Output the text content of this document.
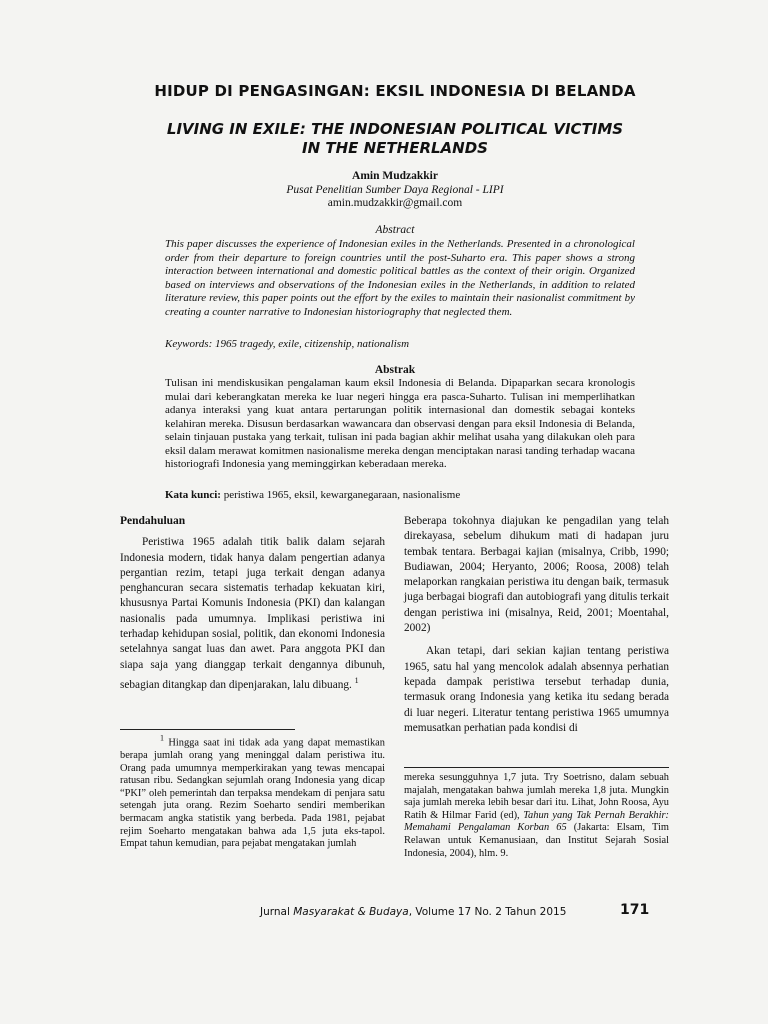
HIDUP DI PENGASINGAN: EKSIL INDONESIA DI BELANDA
LIVING IN EXILE: THE INDONESIAN POLITICAL VICTIMS
IN THE NETHERLANDS
Amin Mudzakkir
Pusat Penelitian Sumber Daya Regional - LIPI
amin.mudzakkir@gmail.com
Abstract
This paper discusses the experience of Indonesian exiles in the Netherlands. Presented in a chronological order from their departure to foreign countries until the post-Suharto era. This paper shows a strong interaction between international and domestic political battles as the context of their origin. Organized based on interviews and observations of the Indonesian exiles in the Netherlands, in addition to related literature review, this paper points out the effort by the exiles to maintain their nasionalist commitment by creating a counter narrative to Indonesian historiography that neglected them.
Keywords: 1965 tragedy, exile, citizenship, nationalism
Abstrak
Tulisan ini mendiskusikan pengalaman kaum eksil Indonesia di Belanda. Dipaparkan secara kronologis mulai dari keberangkatan mereka ke luar negeri hingga era pasca-Suharto. Tulisan ini memperlihatkan adanya interaksi yang kuat antara pertarungan politik internasional dan domestik sebagai konteks kelahiran mereka. Disusun berdasarkan wawancara dan observasi dengan para eksil Indonesia di Belanda, selain tinjauan pustaka yang terkait, tulisan ini pada bagian akhir melihat usaha yang dilakukan oleh para eksil dalam merawat komitmen nasionalisme mereka dengan menciptakan narasi tanding terhadap wacana historiografi Indonesia yang meminggirkan keberadaan mereka.
Kata kunci: peristiwa 1965, eksil, kewarganegaraan, nasionalisme
Pendahuluan
Peristiwa 1965 adalah titik balik dalam sejarah Indonesia modern, tidak hanya dalam pengertian adanya pergantian rezim, tetapi juga terkait dengan adanya penghancuran secara sistematis terhadap kekuatan kiri, khususnya Partai Komunis Indonesia (PKI) dan kalangan nasionalis pada umumnya. Implikasi peristiwa ini terhadap kehidupan sosial, politik, dan ekonomi Indonesia setelahnya sangat luas dan awet. Para anggota PKI dan siapa saja yang dianggap terkait dengannya dibunuh, sebagian ditangkap dan dipenjarakan, lalu dibuang. $^1$
Beberapa tokohnya diajukan ke pengadilan yang telah direkayasa, sebelum dihukum mati di hadapan juru tembak tentara. Berbagai kajian (misalnya, Cribb, 1990; Budiawan, 2004; Heryanto, 2006; Roosa, 2008) telah melaporkan rangkaian peristiwa itu dengan baik, termasuk juga berbagai biografi dan autobiografi yang ditulis terkait dengan peristiwa ini (misalnya, Reid, 2001; Moentahal, 2002)
Akan tetapi, dari sekian kajian tentang peristiwa 1965, satu hal yang mencolok adalah absennya perhatian kepada dampak peristiwa tersebut terhadap dunia, termasuk orang Indonesia yang ketika itu sedang berada di luar negeri. Literatur tentang peristiwa 1965 umumnya memusatkan perhatian pada kondisi di
$^1$ Hingga saat ini tidak ada yang dapat memastikan berapa jumlah orang yang meninggal dalam peristiwa itu. Orang pada umumnya memperkirakan yang tewas mencapai ratusan ribu. Sedangkan sejumlah orang Indonesia yang dicap “PKI” oleh pemerintah dan terpaksa mendekam di penjara satu setengah juta orang. Rezim Soeharto sendiri memberikan bermacam angka statistik yang berbeda. Pada 1981, pejabat rejim Soeharto mengatakan bahwa ada 1,5 juta eks-tapol. Empat tahun kemudian, para pejabat mengatakan jumlah
mereka sesungguhnya 1,7 juta. Try Soetrisno, dalam sebuah majalah, mengatakan bahwa jumlah mereka 1,8 juta. Mungkin saja jumlah mereka lebih besar dari itu. Lihat, John Roosa, Ayu Ratih & Hilmar Farid (ed), Tahun yang Tak Pernah Berakhir: Memahami Pengalaman Korban 65 (Jakarta: Elsam, Tim Relawan untuk Kemanusiaan, dan Institut Sejarah Sosial Indonesia, 2004), hlm. 9.
Jurnal Masyarakat & Budaya, Volume 17 No. 2 Tahun 2015	171
